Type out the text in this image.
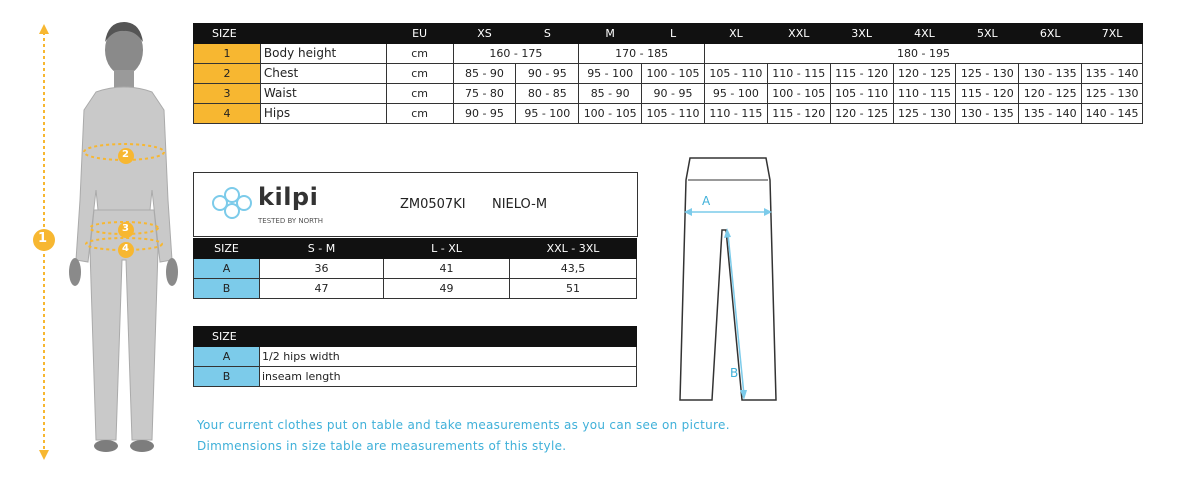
1
2
3
4
SIZE		EU	XS	S	M	L	XL	XXL	3XL	4XL	5XL	6XL	7XL
1	Body height	cm	160 - 175		170 - 185		180 - 195						
2	Chest	cm	85 - 90	90 - 95	95 - 100	100 - 105	105 - 110	110 - 115	115 - 120	120 - 125	125 - 130	130 - 135	135 - 140
3	Waist	cm	75 - 80	80 - 85	85 - 90	90 - 95	95 - 100	100 - 105	105 - 110	110 - 115	115 - 120	120 - 125	125 - 130
4	Hips	cm	90 - 95	95 - 100	100 - 105	105 - 110	110 - 115	115 - 120	120 - 125	125 - 130	130 - 135	135 - 140	140 - 145
kilpi
TESTED BY NORTH
ZM0507KI NIELO-M
SIZE	S - M	L - XL	XXL - 3XL
A	36	41	43,5
B	47	49	51
SIZE	
A	1/2 hips width
B	inseam length
A
B
Your current clothes put on table and take measurements as you can see on picture.
Dimmensions in size table are measurements of this style.
